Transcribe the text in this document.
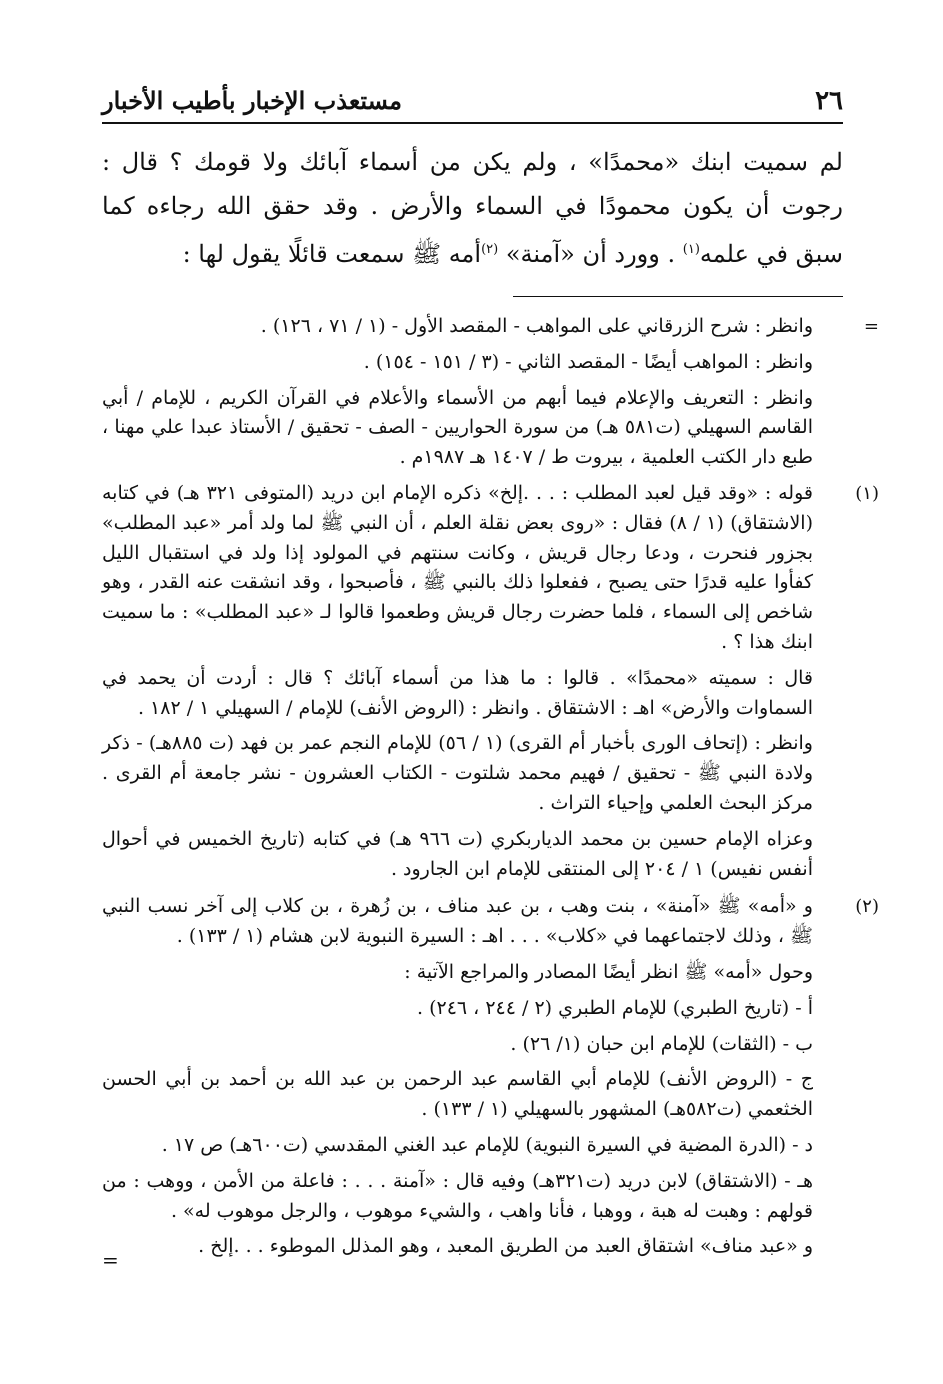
٢٦
مستعذب الإخبار بأطيب الأخبار
لم سميت ابنك «محمدًا» ، ولم يكن من أسماء آبائك ولا قومك ؟ قال : رجوت أن يكون محمودًا في السماء والأرض . وقد حقق الله رجاءه كما سبق في علمه$^{(١)}$ . وورد أن «آمنة» $^{(٢)}$أمه ﷺ سمعت قائلًا يقول لها :
=

وانظر : شرح الزرقاني على المواهب - المقصد الأول - (١ / ٧١ ، ١٢٦) .

وانظر : المواهب أيضًا - المقصد الثاني - (٣ / ١٥١ - ١٥٤) .

وانظر : التعريف والإعلام فيما أبهم من الأسماء والأعلام في القرآن الكريم ، للإمام / أبي القاسم السهيلي (ت٥٨١ هـ) من سورة الحواريين - الصف - تحقيق / الأستاذ عبدا علي مهنا ، طبع دار الكتب العلمية ، بيروت ط / ١٤٠٧ هـ ١٩٨٧م .

(١)

قوله : «وقد قيل لعبد المطلب : . . .إلخ» ذكره الإمام ابن دريد (المتوفى ٣٢١ هـ) في كتابه (الاشتقاق) (١ / ٨) فقال : «روى بعض نقلة العلم ، أن النبي ﷺ لما ولد أمر «عبد المطلب» بجزور فنحرت ، ودعا رجال قريش ، وكانت سنتهم في المولود إذا ولد في استقبال الليل كفأوا عليه قدرًا حتى يصبح ، ففعلوا ذلك بالنبي ﷺ ، فأصبحوا ، وقد انشقت عنه القدر ، وهو شاخص إلى السماء ، فلما حضرت رجال قريش وطعموا قالوا لـ «عبد المطلب» : ما سميت ابنك هذا ؟ .

قال : سميته «محمدًا» . قالوا : ما هذا من أسماء آبائك ؟ قال : أردت أن يحمد في السماوات والأرض» اهـ : الاشتقاق . وانظر : (الروض الأنف) للإمام / السهيلي ١ / ١٨٢ .

وانظر : (إتحاف الورى بأخبار أم القرى) (١ / ٥٦) للإمام النجم عمر بن فهد (ت ٨٨٥هـ) - ذكر ولادة النبي ﷺ - تحقيق / فهيم محمد شلتوت - الكتاب العشرون - نشر جامعة أم القرى . مركز البحث العلمي وإحياء التراث .

وعزاه الإمام حسين بن محمد الدياربكري (ت ٩٦٦ هـ) في كتابه (تاريخ الخميس في أحوال أنفس نفيس) ١ / ٢٠٤ إلى المنتقى للإمام ابن الجارود .

(٢)

و «أمه» ﷺ «آمنة» ، بنت وهب ، بن عبد مناف ، بن زُهرة ، بن كلاب إلى آخر نسب النبي ﷺ ، وذلك لاجتماعهما في «كلاب» . . . اهـ : السيرة النبوية لابن هشام (١ / ١٣٣) .

وحول «أمه» ﷺ انظر أيضًا المصادر والمراجع الآتية :

أ - (تاريخ الطبري) للإمام الطبري (٢ / ٢٤٤ ، ٢٤٦) .

ب - (الثقات) للإمام ابن حبان (١/ ٢٦) .

ج - (الروض الأنف) للإمام أبي القاسم عبد الرحمن بن عبد الله بن أحمد بن أبي الحسن الخثعمي (ت٥٨٢هـ) المشهور بالسهيلي (١ / ١٣٣) .

د - (الدرة المضية في السيرة النبوية) للإمام عبد الغني المقدسي (ت٦٠٠هـ) ص ١٧ .

هـ - (الاشتقاق) لابن دريد (ت٣٢١هـ) وفيه قال : «آمنة . . . : فاعلة من الأمن ، ووهب : من قولهم : وهبت له هبة ، ووهبا ، فأنا واهب ، والشيء موهوب ، والرجل موهوب له» .

و «عبد مناف» اشتقاق العبد من الطريق المعبد ، وهو المذلل الموطوء . . .إلخ .

=
